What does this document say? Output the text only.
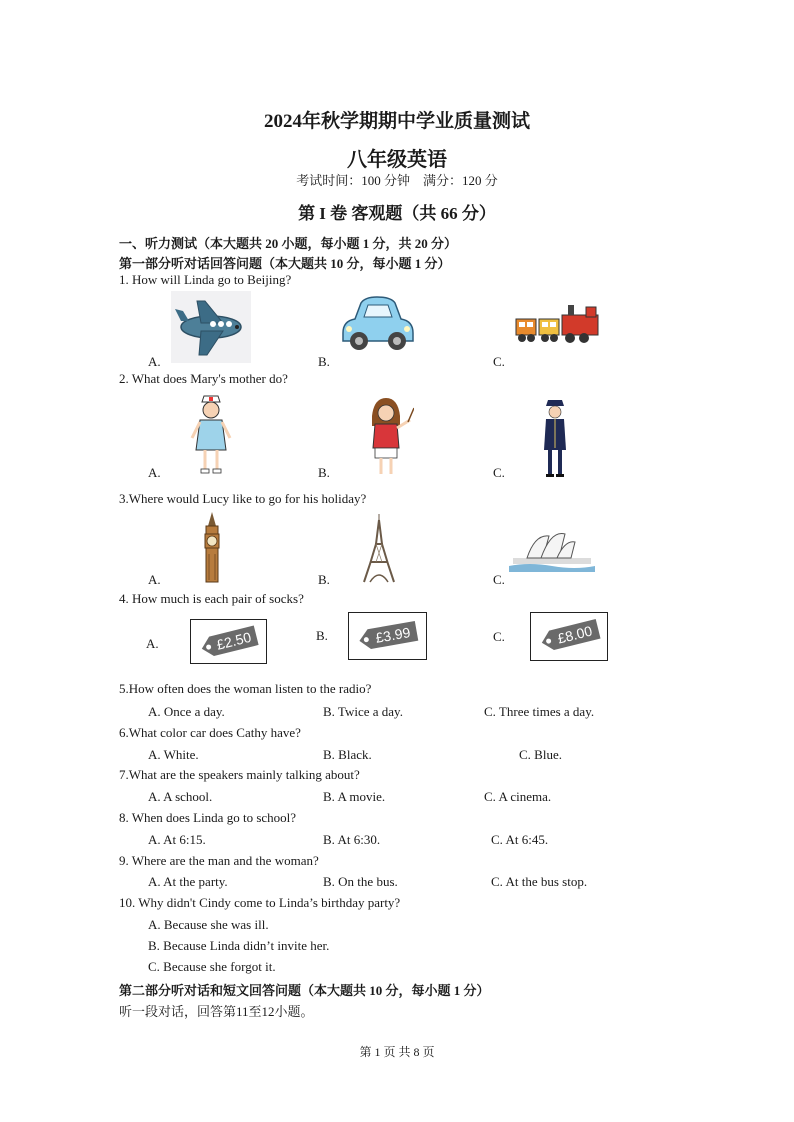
2024年秋学期期中学业质量测试
八年级英语
考试时间：100 分钟　满分：120 分
第 I 卷 客观题（共 66 分）
一、听力测试（本大题共 20 小题，每小题 1 分，共 20 分）
第一部分听对话回答问题（本大题共 10 分，每小题 1 分）
1. How will Linda go to Beijing?
A.	B.	C.
2. What does Mary's mother do?
A.	B.	C.
3.Where would Lucy like to go for his holiday?
A.	B.	C.
4. How much is each pair of socks?
A.
B.	C.
£2.50	£3.99	£8.00
5.How often does the woman listen to the radio?
A. Once a day.	B. Twice a day.	C. Three times a day.
6.What color car does Cathy have?
A. White.	B. Black.	C. Blue.
7.What are the speakers mainly talking about?
A. A school.	B. A movie.	C. A cinema.
8. When does Linda go to school?
A. At 6:15.	B. At 6:30.	C. At 6:45.
9. Where are the man and the woman?
A. At the party.	B. On the bus.	C. At the bus stop.
10. Why didn't Cindy come to Linda’s birthday party?
A. Because she was ill.
B. Because Linda didn’t invite her.
C. Because she forgot it.
第二部分听对话和短文回答问题（本大题共 10 分，每小题 1 分）
听一段对话，回答第11至12小题。
第 1 页 共 8 页
